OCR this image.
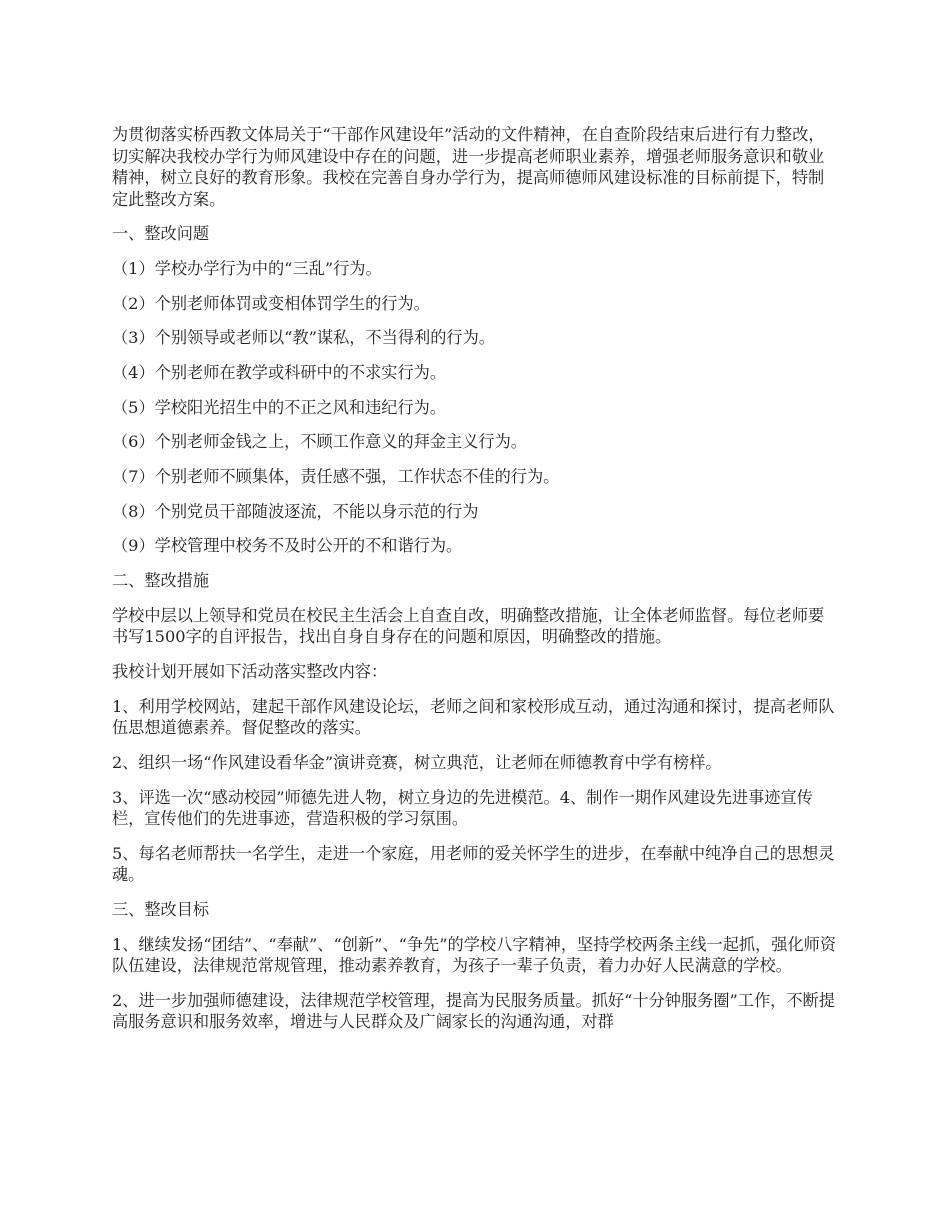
为贯彻落实桥西教文体局关于“干部作风建设年”活动的文件精神，在自查阶段结束后进行有力整改，切实解决我校办学行为师风建设中存在的问题，进一步提高老师职业素养，增强老师服务意识和敬业精神，树立良好的教育形象。我校在完善自身办学行为，提高师德师风建设标准的目标前提下，特制定此整改方案。

一、整改问题

（1）学校办学行为中的“三乱”行为。

（2）个别老师体罚或变相体罚学生的行为。

（3）个别领导或老师以“教”谋私，不当得利的行为。

（4）个别老师在教学或科研中的不求实行为。

（5）学校阳光招生中的不正之风和违纪行为。

（6）个别老师金钱之上，不顾工作意义的拜金主义行为。

（7）个别老师不顾集体，责任感不强，工作状态不佳的行为。

（8）个别党员干部随波逐流，不能以身示范的行为

（9）学校管理中校务不及时公开的不和谐行为。

二、整改措施

学校中层以上领导和党员在校民主生活会上自查自改，明确整改措施，让全体老师监督。每位老师要书写1500字的自评报告，找出自身自身存在的问题和原因，明确整改的措施。

我校计划开展如下活动落实整改内容：

1、利用学校网站，建起干部作风建设论坛，老师之间和家校形成互动，通过沟通和探讨，提高老师队伍思想道德素养。督促整改的落实。

2、组织一场“作风建设看华金”演讲竞赛，树立典范，让老师在师德教育中学有榜样。

3、评选一次“感动校园”师德先进人物，树立身边的先进模范。4、制作一期作风建设先进事迹宣传栏，宣传他们的先进事迹，营造积极的学习氛围。

5、每名老师帮扶一名学生，走进一个家庭，用老师的爱关怀学生的进步，在奉献中纯净自己的思想灵魂。

三、整改目标

1、继续发扬“团结”、“奉献”、“创新”、“争先”的学校八字精神，坚持学校两条主线一起抓，强化师资队伍建设，法律规范常规管理，推动素养教育，为孩子一辈子负责，着力办好人民满意的学校。

2、进一步加强师德建设，法律规范学校管理，提高为民服务质量。抓好“十分钟服务圈”工作，不断提高服务意识和服务效率，增进与人民群众及广阔家长的沟通沟通，对群
